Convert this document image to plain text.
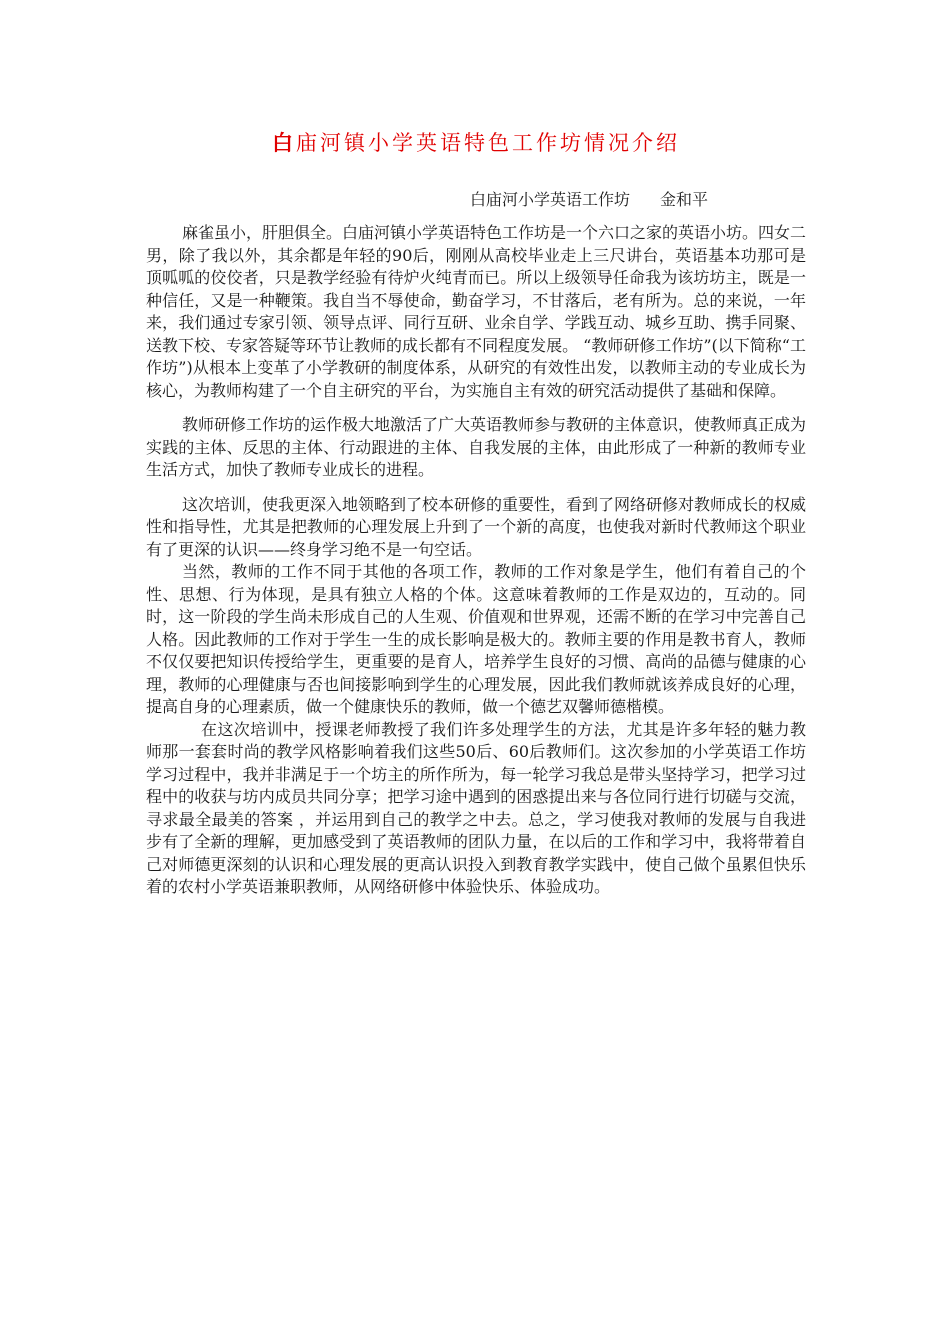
白庙河镇小学英语特色工作坊情况介绍
白庙河小学英语工作坊 金和平

麻雀虽小，肝胆俱全。白庙河镇小学英语特色工作坊是一个六口之家的英语小坊。四女二男，除了我以外，其余都是年轻的90后，刚刚从高校毕业走上三尺讲台，英语基本功那可是顶呱呱的佼佼者，只是教学经验有待炉火纯青而已。所以上级领导任命我为该坊坊主，既是一种信任，又是一种鞭策。我自当不辱使命，勤奋学习，不甘落后，老有所为。总的来说，一年来，我们通过专家引领、领导点评、同行互研、业余自学、学践互动、城乡互助、携手同聚、送教下校、专家答疑等环节让教师的成长都有不同程度发展。 “教师研修工作坊”(以下简称“工作坊”)从根本上变革了小学教研的制度体系，从研究的有效性出发，以教师主动的专业成长为核心，为教师构建了一个自主研究的平台，为实施自主有效的研究活动提供了基础和保障。

教师研修工作坊的运作极大地激活了广大英语教师参与教研的主体意识，使教师真正成为实践的主体、反思的主体、行动跟进的主体、自我发展的主体，由此形成了一种新的教师专业生活方式，加快了教师专业成长的进程。

这次培训，使我更深入地领略到了校本研修的重要性，看到了网络研修对教师成长的权威性和指导性，尤其是把教师的心理发展上升到了一个新的高度，也使我对新时代教师这个职业有了更深的认识——终身学习绝不是一句空话。

当然，教师的工作不同于其他的各项工作，教师的工作对象是学生，他们有着自己的个性、思想、行为体现，是具有独立人格的个体。这意味着教师的工作是双边的，互动的。同时，这一阶段的学生尚未形成自己的人生观、价值观和世界观，还需不断的在学习中完善自己人格。因此教师的工作对于学生一生的成长影响是极大的。教师主要的作用是教书育人，教师不仅仅要把知识传授给学生，更重要的是育人，培养学生良好的习惯、高尚的品德与健康的心理，教师的心理健康与否也间接影响到学生的心理发展，因此我们教师就该养成良好的心理，提高自身的心理素质，做一个健康快乐的教师，做一个德艺双馨师德楷模。

在这次培训中，授课老师教授了我们许多处理学生的方法，尤其是许多年轻的魅力教师那一套套时尚的教学风格影响着我们这些50后、60后教师们。这次参加的小学英语工作坊学习过程中，我并非满足于一个坊主的所作所为，每一轮学习我总是带头坚持学习，把学习过程中的收获与坊内成员共同分享；把学习途中遇到的困惑提出来与各位同行进行切磋与交流，寻求最全最美的答案 ，并运用到自己的教学之中去。总之，学习使我对教师的发展与自我进步有了全新的理解，更加感受到了英语教师的团队力量，在以后的工作和学习中，我将带着自己对师德更深刻的认识和心理发展的更高认识投入到教育教学实践中，使自己做个虽累但快乐着的农村小学英语兼职教师，从网络研修中体验快乐、体验成功。
